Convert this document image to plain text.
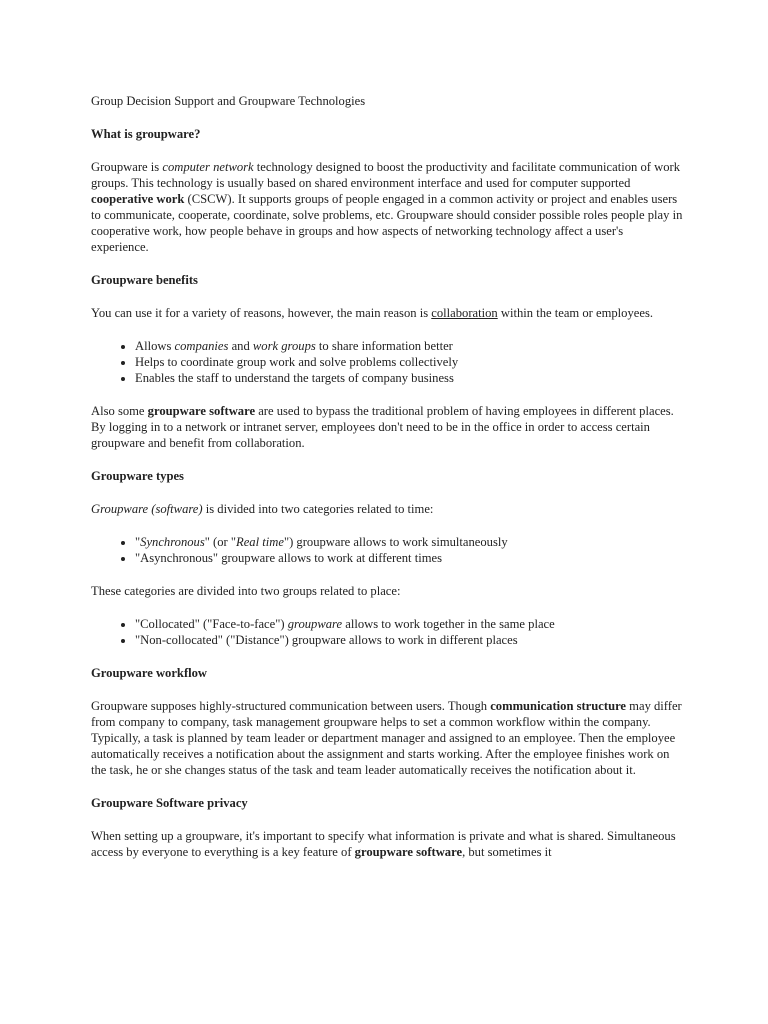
Group Decision Support and Groupware Technologies

What is groupware?

Groupware is computer network technology designed to boost the productivity and facilitate communication of work groups. This technology is usually based on shared environment interface and used for computer supported cooperative work (CSCW). It supports groups of people engaged in a common activity or project and enables users to communicate, cooperate, coordinate, solve problems, etc. Groupware should consider possible roles people play in cooperative work, how people behave in groups and how aspects of networking technology affect a user's experience.

Groupware benefits

You can use it for a variety of reasons, however, the main reason is collaboration within the team or employees.

• Allows companies and work groups to share information better
• Helps to coordinate group work and solve problems collectively
• Enables the staff to understand the targets of company business

Also some groupware software are used to bypass the traditional problem of having employees in different places. By logging in to a network or intranet server, employees don't need to be in the office in order to access certain groupware and benefit from collaboration.

Groupware types

Groupware (software) is divided into two categories related to time:

• "Synchronous" (or "Real time") groupware allows to work simultaneously
• "Asynchronous" groupware allows to work at different times

These categories are divided into two groups related to place:

• "Collocated" ("Face-to-face") groupware allows to work together in the same place
• "Non-collocated" ("Distance") groupware allows to work in different places
Groupware workflow

Groupware supposes highly-structured communication between users. Though communication structure may differ from company to company, task management groupware helps to set a common workflow within the company. Typically, a task is planned by team leader or department manager and assigned to an employee. Then the employee automatically receives a notification about the assignment and starts working. After the employee finishes work on the task, he or she changes status of the task and team leader automatically receives the notification about it.

Groupware Software privacy

When setting up a groupware, it's important to specify what information is private and what is shared. Simultaneous access by everyone to everything is a key feature of groupware software, but sometimes it
